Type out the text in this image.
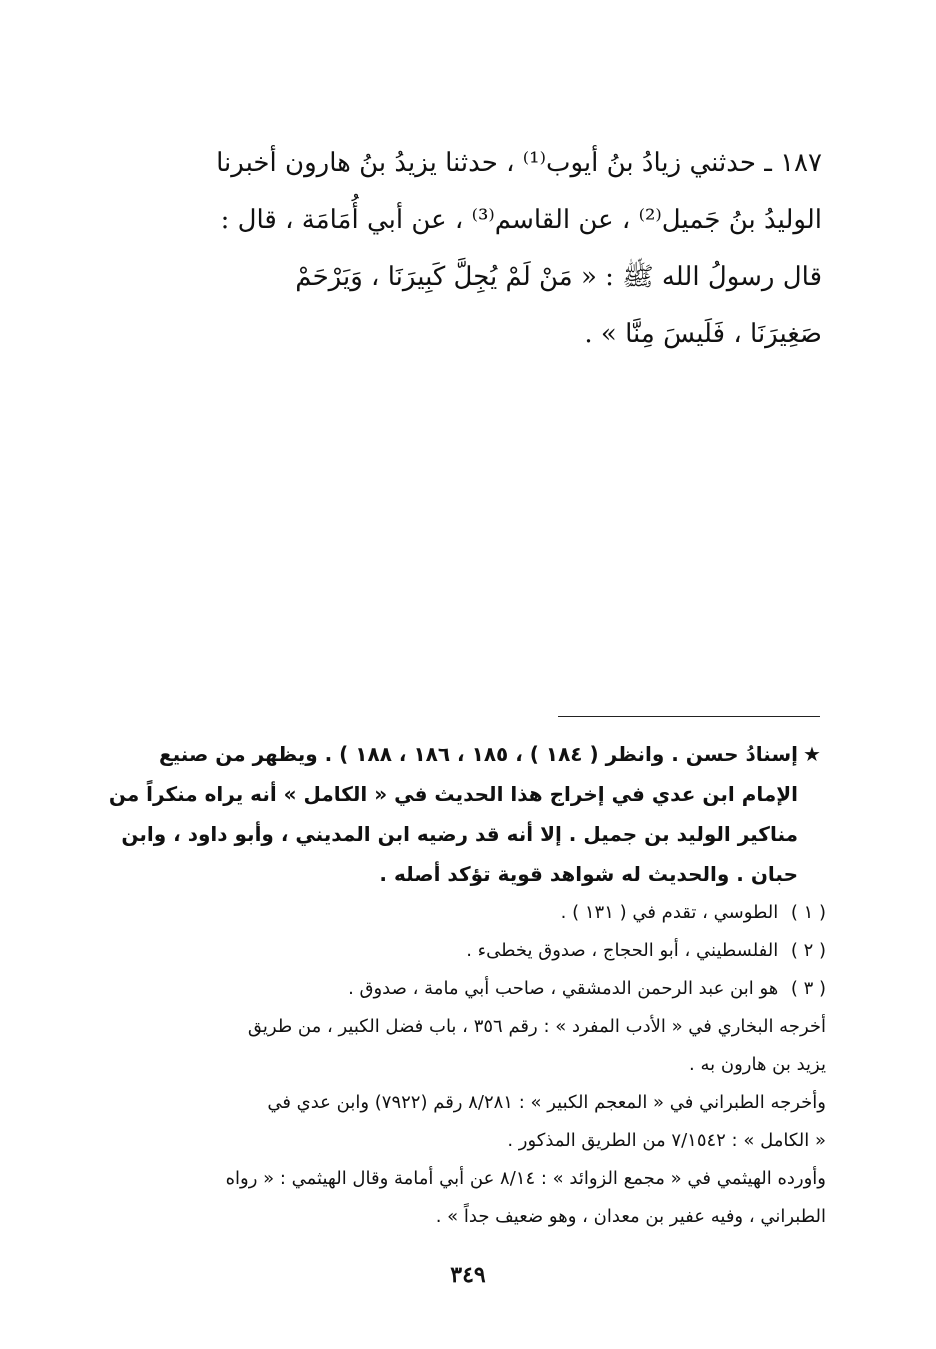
١٨٧ ـ حدثني زيادُ بنُ أيوب⁽¹⁾ ، حدثنا يزيدُ بنُ هارون أخبرنا
الوليدُ بنُ جَميل⁽²⁾ ، عن القاسم⁽³⁾ ، عن أبي أُمَامَة ، قال :
قال رسولُ الله ﷺ : « مَنْ لَمْ يُجِلَّ كَبِيرَنَا ، وَيَرْحَمْ
صَغِيرَنَا ، فَلَيسَ مِنَّا » .
★إسنادُ حسن . وانظر ( ١٨٤ ) ، ١٨٥ ، ١٨٦ ، ١٨٨ ) . ويظهر من صنيع
الإمام ابن عدي في إخراج هذا الحديث في « الكامل » أنه يراه منكراً من
مناكير الوليد بن جميل . إلا أنه قد رضيه ابن المديني ، وأبو داود ، وابن
حبان . والحديث له شواهد قوية تؤكد أصله .
( ١ ) الطوسي ، تقدم في ( ١٣١ ) .
( ٢ ) الفلسطيني ، أبو الحجاج ، صدوق يخطىء .
( ٣ ) هو ابن عبد الرحمن الدمشقي ، صاحب أبي مامة ، صدوق .
أخرجه البخاري في « الأدب المفرد » : رقم ٣٥٦ ، باب فضل الكبير ، من طريق
يزيد بن هارون به .
وأخرجه الطبراني في « المعجم الكبير » : ٨/٢٨١ رقم (٧٩٢٢) وابن عدي في
« الكامل » : ٧/١٥٤٢ من الطريق المذكور .
وأورده الهيثمي في « مجمع الزوائد » : ٨/١٤ عن أبي أمامة وقال الهيثمي : « رواه
الطبراني ، وفيه عفير بن معدان ، وهو ضعيف جداً » .
٣٤٩
